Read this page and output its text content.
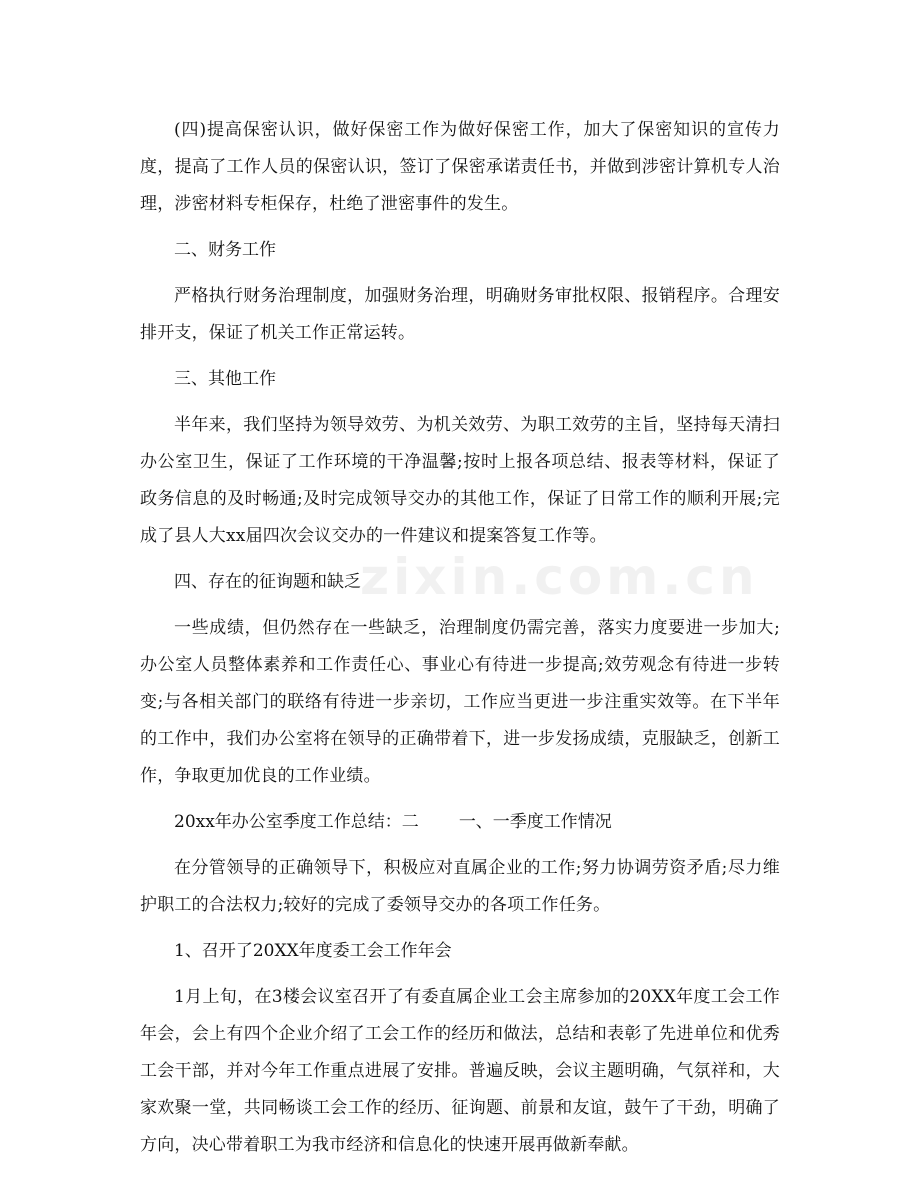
zixin.com.cn

(四)提高保密认识，做好保密工作为做好保密工作，加大了保密知识的宣传力度，提高了工作人员的保密认识，签订了保密承诺责任书，并做到涉密计算机专人治理，涉密材料专柜保存，杜绝了泄密事件的发生。

二、财务工作

严格执行财务治理制度，加强财务治理，明确财务审批权限、报销程序。合理安排开支，保证了机关工作正常运转。

三、其他工作

半年来，我们坚持为领导效劳、为机关效劳、为职工效劳的主旨，坚持每天清扫办公室卫生，保证了工作环境的干净温馨;按时上报各项总结、报表等材料，保证了政务信息的及时畅通;及时完成领导交办的其他工作，保证了日常工作的顺利开展;完成了县人大xx届四次会议交办的一件建议和提案答复工作等。

四、存在的征询题和缺乏

一些成绩，但仍然存在一些缺乏，治理制度仍需完善，落实力度要进一步加大;办公室人员整体素养和工作责任心、事业心有待进一步提高;效劳观念有待进一步转变;与各相关部门的联络有待进一步亲切，工作应当更进一步注重实效等。在下半年的工作中，我们办公室将在领导的正确带着下，进一步发扬成绩，克服缺乏，创新工作，争取更加优良的工作业绩。

20xx年办公室季度工作总结：二 一、一季度工作情况

在分管领导的正确领导下，积极应对直属企业的工作;努力协调劳资矛盾;尽力维护职工的合法权力;较好的完成了委领导交办的各项工作任务。

1、召开了20XX年度委工会工作年会

1月上旬，在3楼会议室召开了有委直属企业工会主席参加的20XX年度工会工作年会，会上有四个企业介绍了工会工作的经历和做法，总结和表彰了先进单位和优秀工会干部，并对今年工作重点进展了安排。普遍反映，会议主题明确，气氛祥和，大家欢聚一堂，共同畅谈工会工作的经历、征询题、前景和友谊，鼓午了干劲，明确了方向，决心带着职工为我市经济和信息化的快速开展再做新奉献。
